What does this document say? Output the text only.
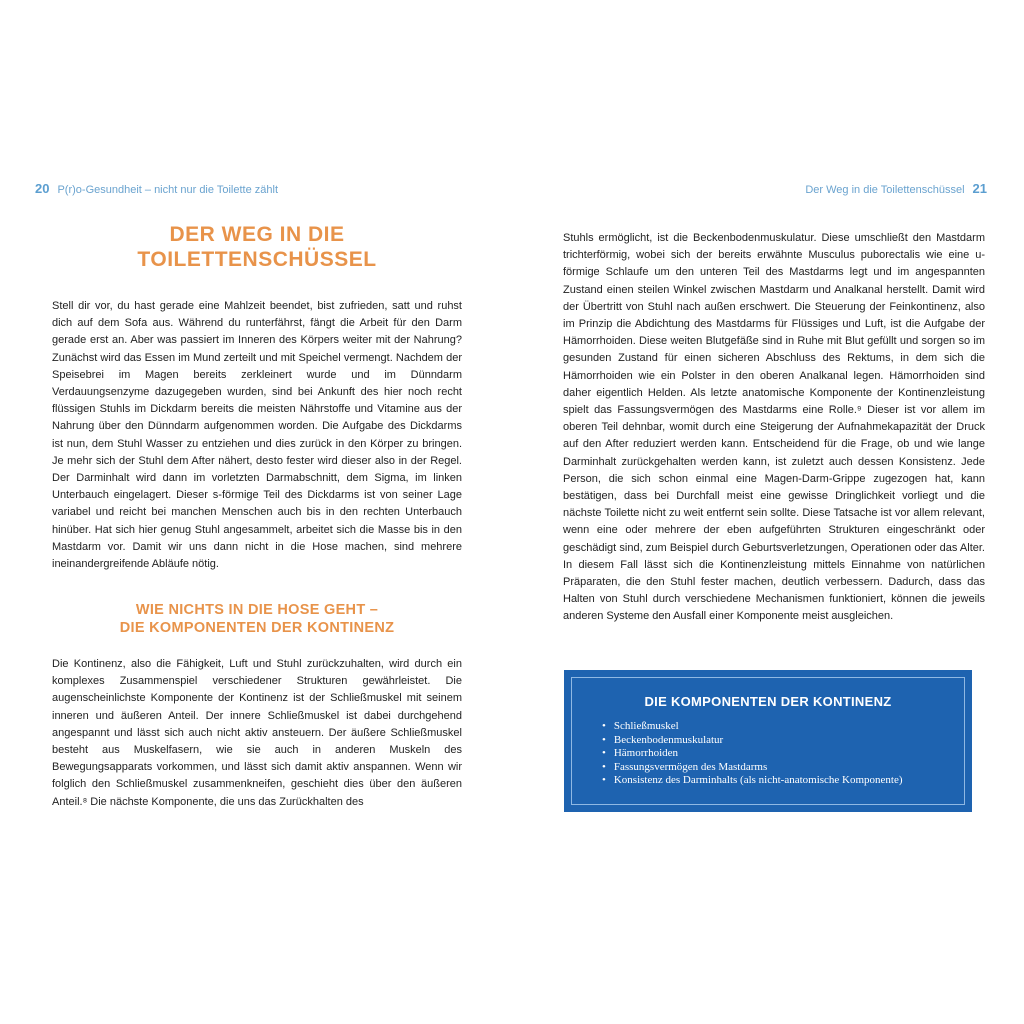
20 P(r)o-Gesundheit – nicht nur die Toilette zählt
DER WEG IN DIE
TOILETTENSCHÜSSEL

Stell dir vor, du hast gerade eine Mahlzeit beendet, bist zufrieden, satt und ruhst dich auf dem Sofa aus. Während du runterfährst, fängt die Arbeit für den Darm gerade erst an. Aber was passiert im Inneren des Körpers weiter mit der Nahrung? Zunächst wird das Essen im Mund zerteilt und mit Speichel vermengt. Nachdem der Speisebrei im Magen bereits zerkleinert wurde und im Dünndarm Verdauungsenzyme dazugegeben wurden, sind bei Ankunft des hier noch recht flüssigen Stuhls im Dickdarm bereits die meisten Nährstoffe und Vitamine aus der Nahrung über den Dünndarm aufgenommen worden. Die Aufgabe des Dickdarms ist nun, dem Stuhl Wasser zu entziehen und dies zurück in den Körper zu bringen. Je mehr sich der Stuhl dem After nähert, desto fester wird dieser also in der Regel. Der Darminhalt wird dann im vorletzten Darmabschnitt, dem Sigma, im linken Unterbauch eingelagert. Dieser s-förmige Teil des Dickdarms ist von seiner Lage variabel und reicht bei manchen Menschen auch bis in den rechten Unterbauch hinüber. Hat sich hier genug Stuhl angesammelt, arbeitet sich die Masse bis in den Mastdarm vor. Damit wir uns dann nicht in die Hose machen, sind mehrere ineinandergreifende Abläufe nötig.

WIE NICHTS IN DIE HOSE GEHT –
DIE KOMPONENTEN DER KONTINENZ

Die Kontinenz, also die Fähigkeit, Luft und Stuhl zurückzuhalten, wird durch ein komplexes Zusammenspiel verschiedener Strukturen gewährleistet. Die augenscheinlichste Komponente der Kontinenz ist der Schließmuskel mit seinem inneren und äußeren Anteil. Der innere Schließmuskel ist dabei durchgehend angespannt und lässt sich auch nicht aktiv ansteuern. Der äußere Schließmuskel besteht aus Muskelfasern, wie sie auch in anderen Muskeln des Bewegungsapparats vorkommen, und lässt sich damit aktiv anspannen. Wenn wir folglich den Schließmuskel zusammenkneifen, geschieht dies über den äußeren Anteil.⁸ Die nächste Komponente, die uns das Zurückhalten des

Der Weg in die Toilettenschüssel 21

Stuhls ermöglicht, ist die Beckenbodenmuskulatur. Diese umschließt den Mastdarm trichterförmig, wobei sich der bereits erwähnte Musculus puborectalis wie eine u-förmige Schlaufe um den unteren Teil des Mastdarms legt und im angespannten Zustand einen steilen Winkel zwischen Mastdarm und Analkanal herstellt. Damit wird der Übertritt von Stuhl nach außen erschwert. Die Steuerung der Feinkontinenz, also im Prinzip die Abdichtung des Mastdarms für Flüssiges und Luft, ist die Aufgabe der Hämorrhoiden. Diese weiten Blutgefäße sind in Ruhe mit Blut gefüllt und sorgen so im gesunden Zustand für einen sicheren Abschluss des Rektums, in dem sich die Hämorrhoiden wie ein Polster in den oberen Analkanal legen. Hämorrhoiden sind daher eigentlich Helden. Als letzte anatomische Komponente der Kontinenzleistung spielt das Fassungsvermögen des Mastdarms eine Rolle.⁹ Dieser ist vor allem im oberen Teil dehnbar, womit durch eine Steigerung der Aufnahmekapazität der Druck auf den After reduziert werden kann. Entscheidend für die Frage, ob und wie lange Darminhalt zurückgehalten werden kann, ist zuletzt auch dessen Konsistenz. Jede Person, die sich schon einmal eine Magen-Darm-Grippe zugezogen hat, kann bestätigen, dass bei Durchfall meist eine gewisse Dringlichkeit vorliegt und die nächste Toilette nicht zu weit entfernt sein sollte. Diese Tatsache ist vor allem relevant, wenn eine oder mehrere der eben aufgeführten Strukturen eingeschränkt oder geschädigt sind, zum Beispiel durch Geburtsverletzungen, Operationen oder das Alter. In diesem Fall lässt sich die Kontinenzleistung mittels Einnahme von natürlichen Präparaten, die den Stuhl fester machen, deutlich verbessern. Dadurch, dass das Halten von Stuhl durch verschiedene Mechanismen funktioniert, können die jeweils anderen Systeme den Ausfall einer Komponente meist ausgleichen.

DIE KOMPONENTEN DER KONTINENZ
• Schließmuskel
• Beckenbodenmuskulatur
• Hämorrhoiden
• Fassungsvermögen des Mastdarms
• Konsistenz des Darminhalts (als nicht-anatomische Komponente)
